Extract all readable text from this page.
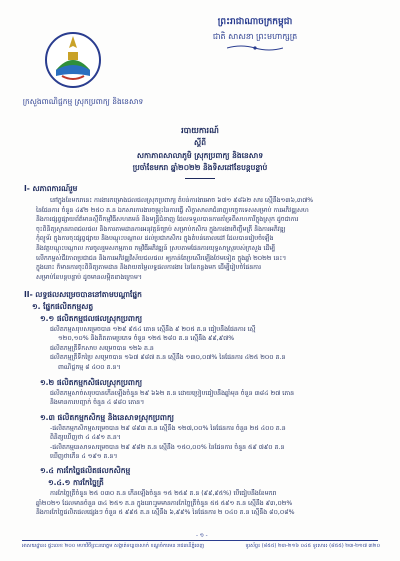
ក្រសួងពាណិជ្ជកម្ម ស្រុកប្រពាក្យ និងនេសាទ
ព្រះរាជាណាចក្រកម្ពុជា
ជាតិ សាសនា ព្រះមហាក្សត្រ
របាយការណ៍
ស្តីពី
សកាភាពសាលាភូមិ ស្រុកប្រពាក្យ និងនេសាទ
ប្រចាំខែមករា ឆ្នាំ២០២២ និងទិសដៅខែបន្តបន្ទាប់
I- សភាពការណ៍រួម
នៅក្នុងខែមករានេះ ការងារកម្រោងជលផលស្រុកប្រពាក្យ តំបន់ការងារអាច ៦៧១ ៩៨៦២ សារ ស្មើនឹង១៣៦,៣៧%
នៃផែនការ ចំនួន ៤៩២ ២៥០ គ.ន ឯកសារការងារចម្រុះនៃការធ្វើ សិក្ខាសាលាជំនាញបច្ចេកទេសសម្រាប់ ការអភិវឌ្ឍសហ
និងការផ្សព្វផ្សាយព័ត៌មានស្ដីពីកម្មវិធីសហគមន៍ និងមន្ត្រីជំនាញ ដែលទទួលបានការគាំទ្រពីសហការីក្នុងស្រុក ដូចជាការ
ចុះពិនិត្យស្ថានភាពជលផល និងការតាមដានការអនុវត្តន៍ច្បាប់ សម្រាប់កសិករ ក្នុងការងារចិញ្ចឹមត្រី និងការអភិវឌ្ឍ
កុំព្យូទ័រ ក្នុងការចុះផ្សព្វផ្សាយ និងបណ្តុះបណ្តាល ដល់ប្រជាកសិករ ក្នុងតំបន់គោលដៅ ដែលបានរៀបចំឡើង
និងវគ្គបណ្ដុះបណ្ដាល ការចូលរួមសកម្មភាព កម្មវិធីអភិវឌ្ឍន៍ ស្របតាមផែនការយុទ្ធសាស្ត្ររបស់ក្រសួង ដើម្បី
លើកកម្ពស់ជីវភាពប្រជាជន និងការអភិវឌ្ឍវិស័យជលផល ឲ្យកាន់តែប្រសើរឡើងថែមទៀត ក្នុងឆ្នាំ ២០២២ នេះ។
ក្នុងនោះ ក៏មានការចុះពិនិត្យតាមដាន និងវាយតម្លៃលទ្ធផលការងារ នៃខែកន្លងមក ដើម្បីរៀបចំផែនការ
សម្រាប់ខែបន្តបន្ទាប់ ដូចមានលម្អិតខាងក្រោម។
II- លទ្ធផលសម្រេចបាននៅតាមបណ្ដាផ្នែក
១. ផ្នែកផលិតកម្មសត្វ
១.១ ផលិតកម្មជលផលស្រុកប្រពាក្យ
ផលិតកម្មសរុបសម្រេចបាន ១២៩ ៩៥៤ តោន ស្មើនឹង ៩ ២០៥ គ.ន ធៀបនឹងផែនការ ស្មើ
១២០,១០% និងគិតតាមប្រភេទ ចំនួន ១២៥ ២៨០ គ.ន ស្មើនឹង ៩៩,៩៧%
ផលិតកម្មត្រីទឹកសាប សម្រេចបាន ១២៦ គ.ន
ផលិតកម្មត្រីទឹកប្រៃ សម្រេចបាន ១៦៧ ៩៨៧ គ.ន ស្មើនឹង ១៣០,០៧% នៃផែនការ ៤២៥ ២០០ គ.ន
ពាណិជ្ជកម្ម ៨ ៤០០ គ.ន។
១.២ ផលិតកម្មកសិផលស្រុកប្រពាក្យ
ផលិតកម្មសាច់សរុបបានកើនឡើងចំនួន ២៩ ៦៦២ គ.ន ដោយប្រៀបធៀបនឹងឆ្នាំមុន ចំនួន ៣៨៤ ២៧ តោន
និងមានការបញ្ជាក់ ចំនួន ៤ ៨៨០ តោន។
១.៣ ផលិតកម្មកសិកម្ម និងនេសាទស្រុកប្រពាក្យ
-ផលិតកម្មកសិកម្មសម្រេចបាន ២៩ ៨៩៣ គ.ន ស្មើនឹង ១២៧,០០% នៃផែនការ ចំនួន ២៥ ៤០០ គ.ន
ពិនិត្យឃើញថា ៤ ៤៩១ គ.ន។
-ផលិតកម្មនេសាទសម្រេចបាន ២៩ ៩៨២ គ.ន ស្មើនឹង ១៥០,០០% នៃផែនការ ចំនួន ៥៩ ៧៩០ គ.ន
ឃើញថាកើន ៤ ១៩១ គ.ន។
១.៤ ការកែច្នៃផលិតផលកសិកម្ម
១.៤.១ ការកែច្នៃត្រី
ការកែច្នៃត្រីចំនួន ២៥ ០៣០ គ.ន កើនឡើងចំនួន ១៥ ២៥៩ គ.ន (៩៩,៩៥%) បើធៀបនឹងខែមករា
ឆ្នាំ២០២១ ដែលមានចំនួន ៣៤ ២៥១ គ.ន ក្នុងនោះរួមមានការកែច្នៃត្រីចំនួន ៥៥ ៥៩១ គ.ន ស្មើនឹង ៩៣,០២%
និងការកែច្នៃផលិតផលផ្សេងៗ ចំនួន ៥ ៩៩៥ គ.ន ស្មើនឹង ៦,៩៩% នៃផែនការ ២ ០៤០ គ.ន ស្មើនឹង ៨០,០៨%
- ១ -
អាសយដ្ឋាន៖ ផ្ទះលេខ ២០០ មហាវិថីព្រះនរោត្តម សង្កាត់ទន្លេបាសាក់ ខណ្ឌចំការមន រាជធានីភ្នំពេញ	ទូរស័ព្ទ៖ (៨៥៥) ២៣-២១៦ ០៤៥ ទូរសារ៖ (៨៥៥) ២៣-២១៧ ៣២០
